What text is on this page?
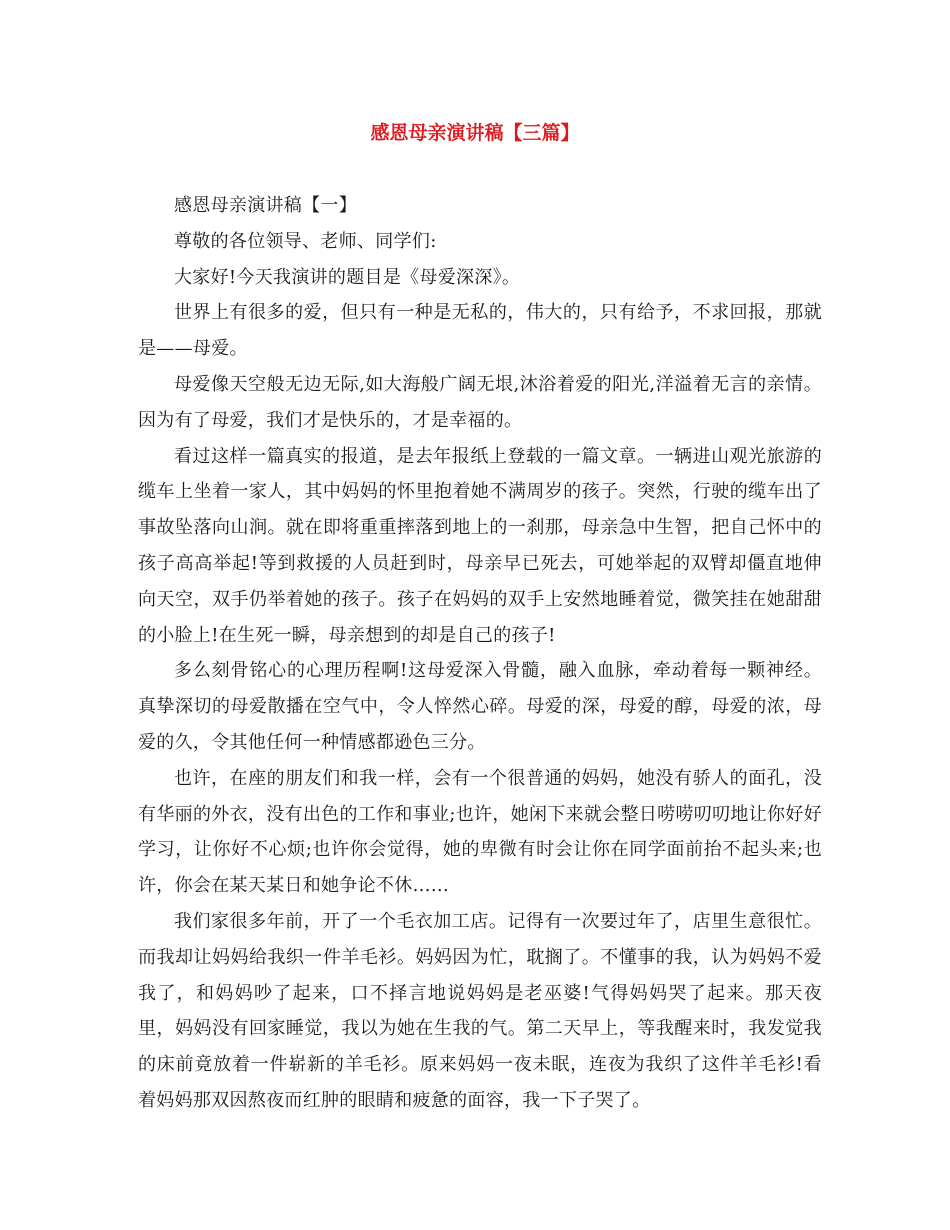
感恩母亲演讲稿【三篇】

感恩母亲演讲稿【一】

尊敬的各位领导、老师、同学们:

大家好!今天我演讲的题目是《母爱深深》。

世界上有很多的爱，但只有一种是无私的，伟大的，只有给予，不求回报，那就是——母爱。

母爱像天空般无边无际,如大海般广阔无垠,沐浴着爱的阳光,洋溢着无言的亲情。因为有了母爱，我们才是快乐的，才是幸福的。

看过这样一篇真实的报道，是去年报纸上登载的一篇文章。一辆进山观光旅游的缆车上坐着一家人，其中妈妈的怀里抱着她不满周岁的孩子。突然，行驶的缆车出了事故坠落向山涧。就在即将重重摔落到地上的一刹那，母亲急中生智，把自己怀中的孩子高高举起!等到救援的人员赶到时，母亲早已死去，可她举起的双臂却僵直地伸向天空，双手仍举着她的孩子。孩子在妈妈的双手上安然地睡着觉，微笑挂在她甜甜的小脸上!在生死一瞬，母亲想到的却是自己的孩子!

多么刻骨铭心的心理历程啊!这母爱深入骨髓，融入血脉，牵动着每一颗神经。真挚深切的母爱散播在空气中，令人悴然心碎。母爱的深，母爱的醇，母爱的浓，母爱的久，令其他任何一种情感都逊色三分。

也许，在座的朋友们和我一样，会有一个很普通的妈妈，她没有骄人的面孔，没有华丽的外衣，没有出色的工作和事业;也许，她闲下来就会整日唠唠叨叨地让你好好学习，让你好不心烦;也许你会觉得，她的卑微有时会让你在同学面前抬不起头来;也许，你会在某天某日和她争论不休……

我们家很多年前，开了一个毛衣加工店。记得有一次要过年了，店里生意很忙。而我却让妈妈给我织一件羊毛衫。妈妈因为忙，耽搁了。不懂事的我，认为妈妈不爱我了，和妈妈吵了起来，口不择言地说妈妈是老巫婆!气得妈妈哭了起来。那天夜里，妈妈没有回家睡觉，我以为她在生我的气。第二天早上，等我醒来时，我发觉我的床前竟放着一件崭新的羊毛衫。原来妈妈一夜未眠，连夜为我织了这件羊毛衫!看着妈妈那双因熬夜而红肿的眼睛和疲惫的面容，我一下子哭了。
